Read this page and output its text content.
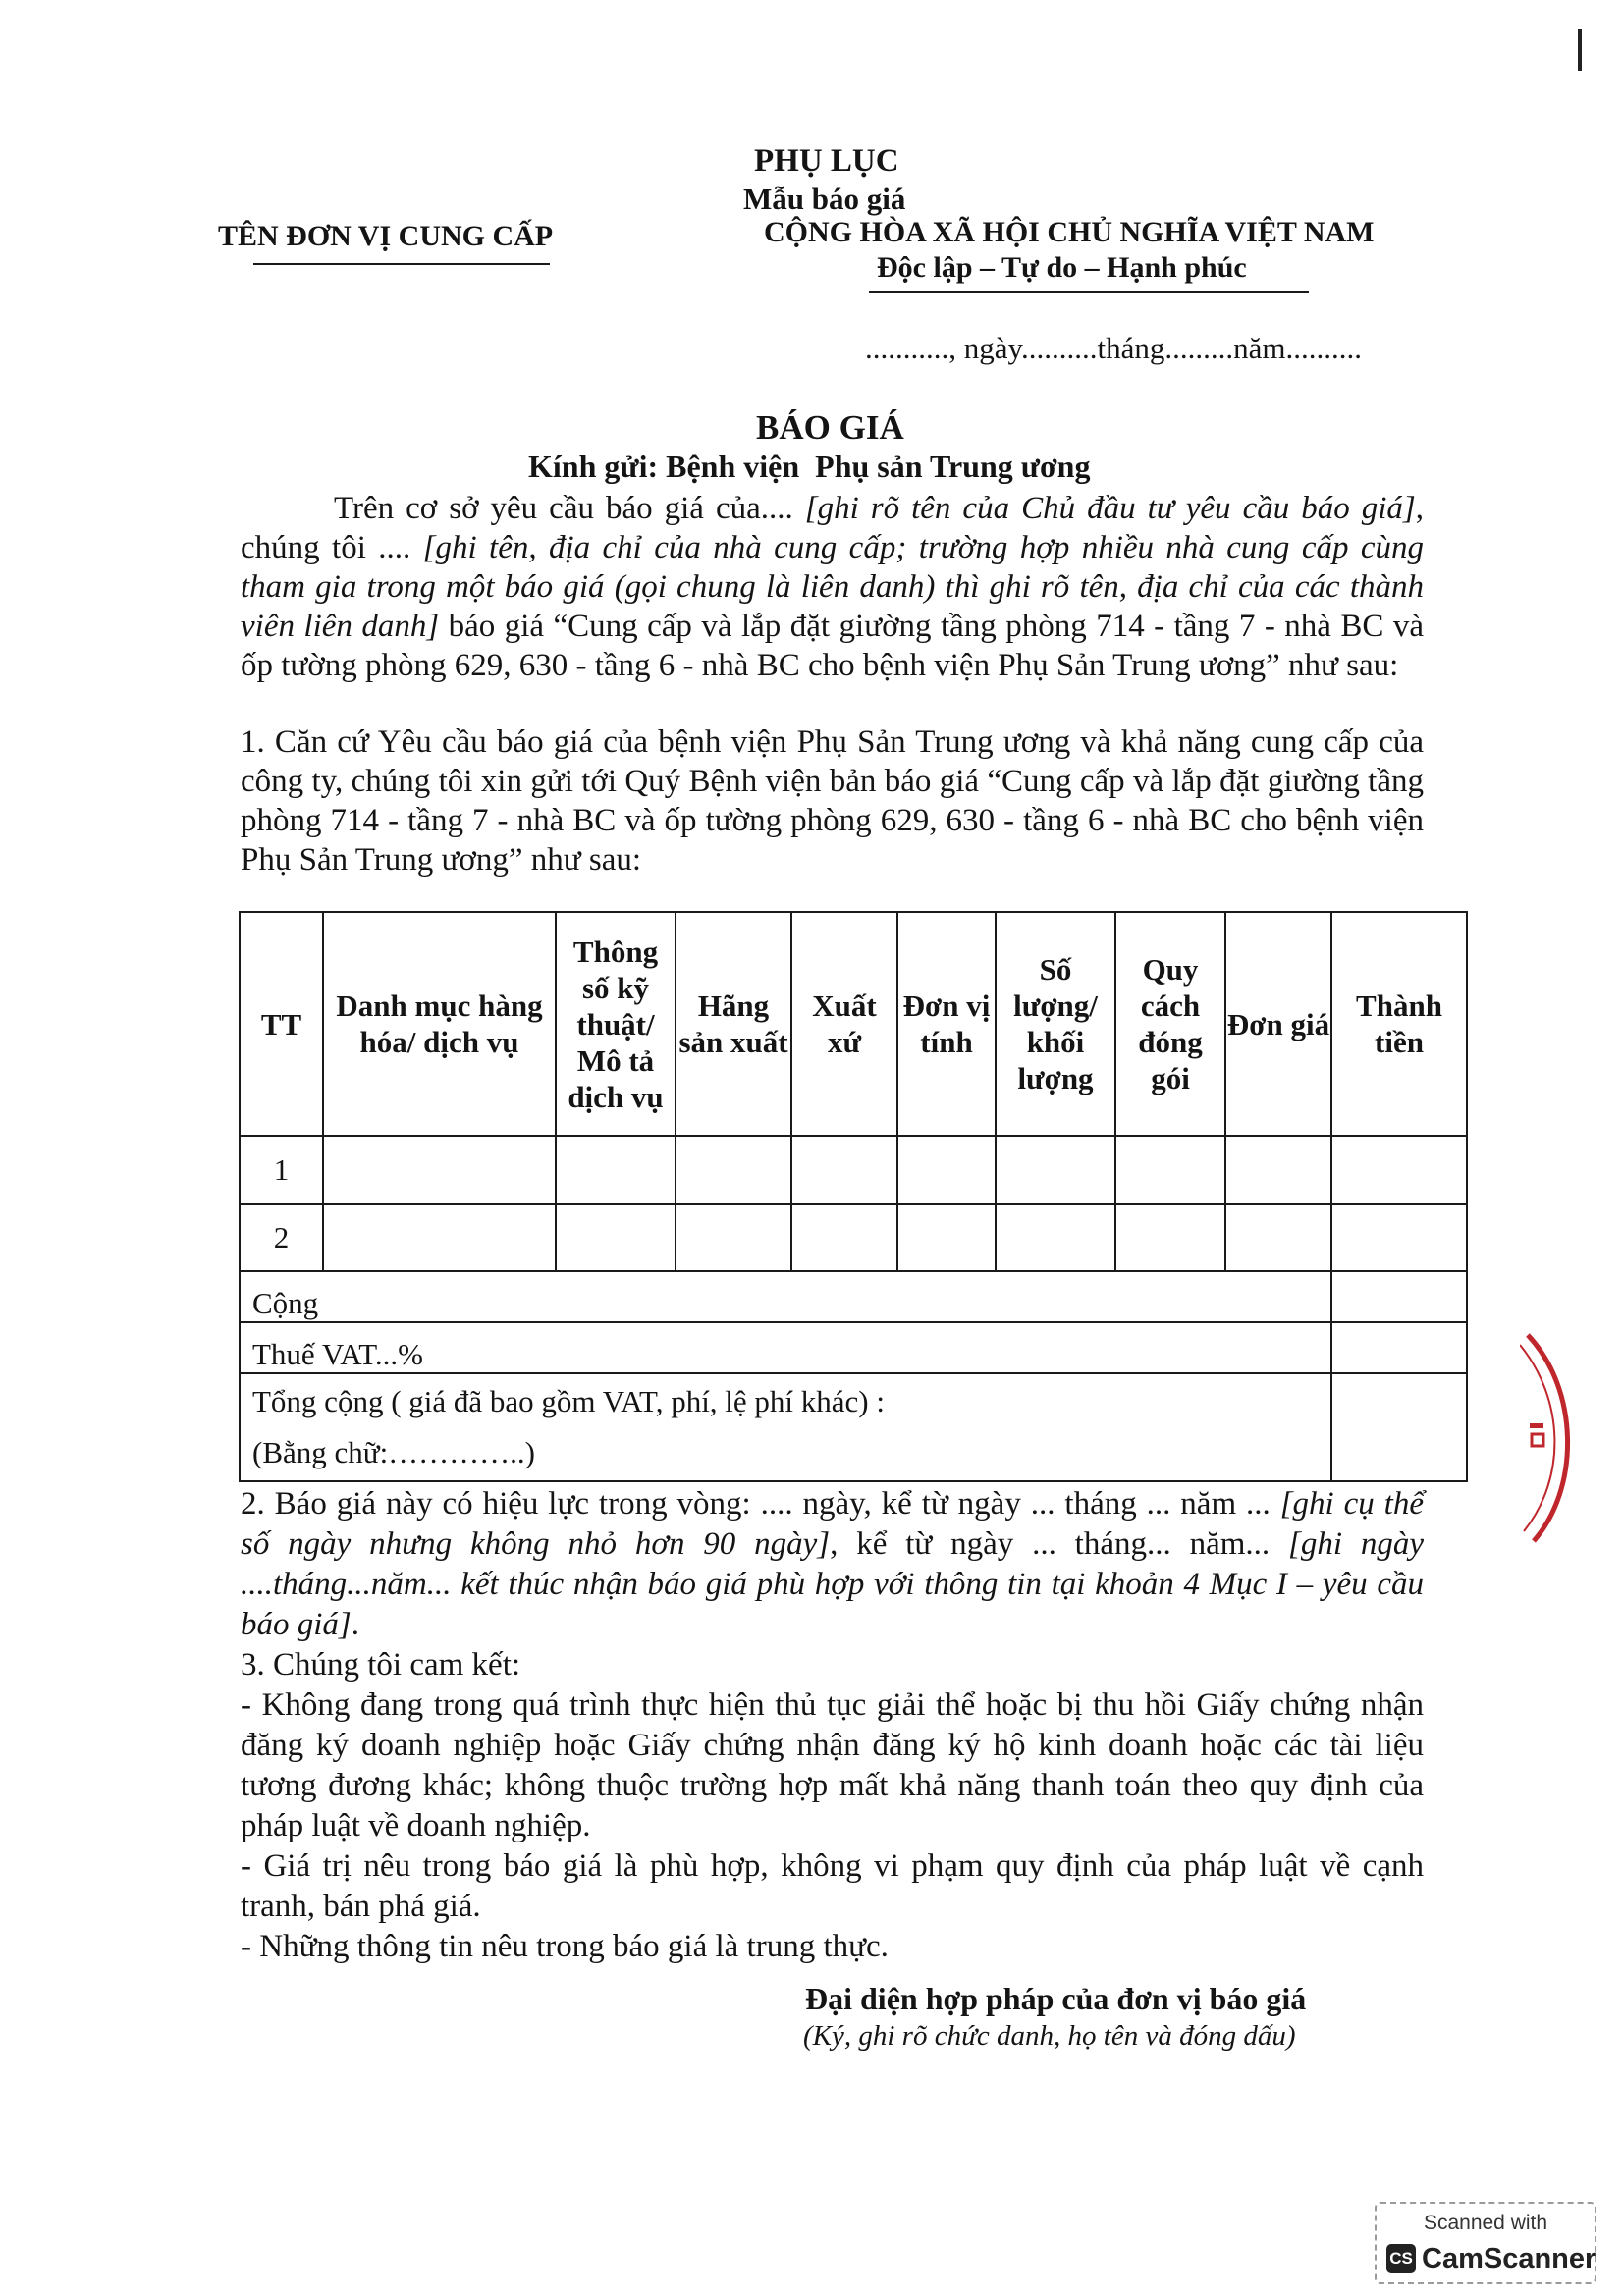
TÊN ĐƠN VỊ CUNG CẤP
PHỤ LỤC
Mẫu báo giá
CỘNG HÒA XÃ HỘI CHỦ NGHĨA VIỆT NAM
Độc lập – Tự do – Hạnh phúc
..........., ngày..........tháng.........năm..........
BÁO GIÁ
Kính gửi: Bệnh viện  Phụ sản Trung ương

Trên cơ sở yêu cầu báo giá của.... [ghi rõ tên của Chủ đầu tư yêu cầu báo giá], chúng tôi .... [ghi tên, địa chỉ của nhà cung cấp; trường hợp nhiều nhà cung cấp cùng tham gia trong một báo giá (gọi chung là liên danh) thì ghi rõ tên, địa chỉ của các thành viên liên danh] báo giá “Cung cấp và lắp đặt giường tầng phòng 714 - tầng 7 - nhà BC và ốp tường phòng 629, 630 - tầng 6 - nhà BC cho bệnh viện Phụ Sản Trung ương” như sau:

1. Căn cứ Yêu cầu báo giá của bệnh viện Phụ Sản Trung ương và khả năng cung cấp của công ty, chúng tôi xin gửi tới Quý Bệnh viện bản báo giá “Cung cấp và lắp đặt giường tầng phòng 714 - tầng 7 - nhà BC và ốp tường phòng 629, 630 - tầng 6 - nhà BC cho bệnh viện Phụ Sản Trung ương” như sau:

TT	Danh mục hàng hóa/ dịch vụ	Thông số kỹ thuật/ Mô tả dịch vụ	Hãng sản xuất	Xuất xứ	Đơn vị tính	Số lượng/ khối lượng	Quy cách đóng gói	Đơn giá	Thành tiền
1									
2									
Cộng									
Thuế VAT...%									

Tổng cộng ( giá đã bao gồm VAT, phí, lệ phí khác) :
(Bằng chữ:…………..)									

2. Báo giá này có hiệu lực trong vòng: .... ngày, kể từ ngày ... tháng ... năm ... [ghi cụ thể số ngày nhưng không nhỏ hơn 90 ngày], kể từ ngày ... tháng... năm... [ghi ngày ....tháng...năm... kết thúc nhận báo giá phù hợp với thông tin tại khoản 4 Mục I – yêu cầu báo giá].

3. Chúng tôi cam kết:

- Không đang trong quá trình thực hiện thủ tục giải thể hoặc bị thu hồi Giấy chứng nhận đăng ký doanh nghiệp hoặc Giấy chứng nhận đăng ký hộ kinh doanh hoặc các tài liệu tương đương khác; không thuộc trường hợp mất khả năng thanh toán theo quy định của pháp luật về doanh nghiệp.

- Giá trị nêu trong báo giá là phù hợp, không vi phạm quy định của pháp luật về cạnh tranh, bán phá giá.

- Những thông tin nêu trong báo giá là trung thực.

Đại diện hợp pháp của đơn vị báo giá
(Ký, ghi rõ chức danh, họ tên và đóng dấu)
Scanned with
CS CamScanner
